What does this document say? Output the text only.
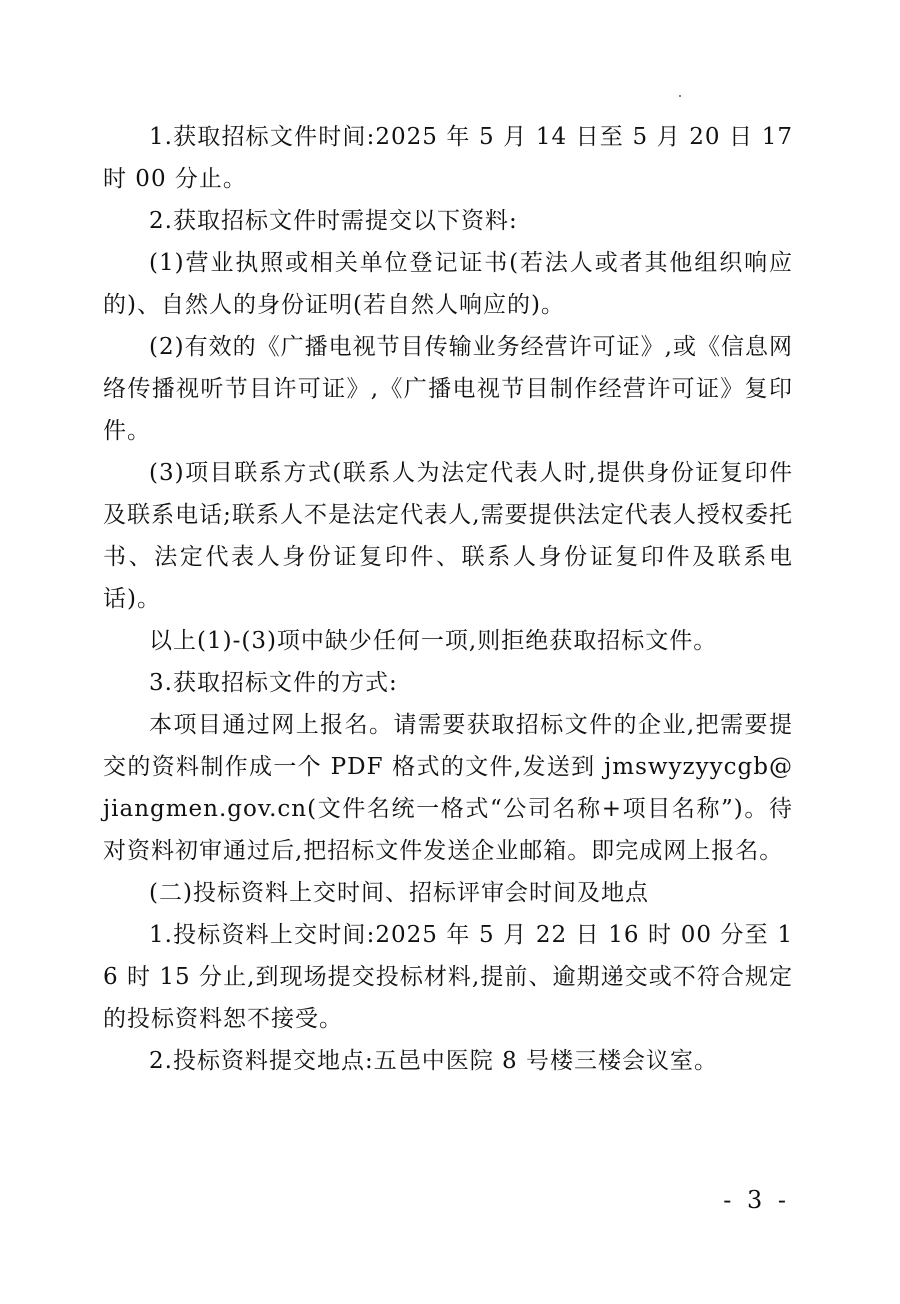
1.获取招标文件时间:2025 年 5 月 14 日至 5 月 20 日 17 时 00 分止。

2.获取招标文件时需提交以下资料:

(1)营业执照或相关单位登记证书(若法人或者其他组织响应的)、自然人的身份证明(若自然人响应的)。

(2)有效的《广播电视节目传输业务经营许可证》,或《信息网络传播视听节目许可证》,《广播电视节目制作经营许可证》复印件。

(3)项目联系方式(联系人为法定代表人时,提供身份证复印件及联系电话;联系人不是法定代表人,需要提供法定代表人授权委托书、法定代表人身份证复印件、联系人身份证复印件及联系电话)。

以上(1)-(3)项中缺少任何一项,则拒绝获取招标文件。

3.获取招标文件的方式:

本项目通过网上报名。请需要获取招标文件的企业,把需要提交的资料制作成一个 PDF 格式的文件,发送到 jmswyzyycgb@jiangmen.gov.cn(文件名统一格式“公司名称+项目名称”)。待对资料初审通过后,把招标文件发送企业邮箱。即完成网上报名。

(二)投标资料上交时间、招标评审会时间及地点

1.投标资料上交时间:2025 年 5 月 22 日 16 时 00 分至 16 时 15 分止,到现场提交投标材料,提前、逾期递交或不符合规定的投标资料恕不接受。

2.投标资料提交地点:五邑中医院 8 号楼三楼会议室。

- 3 -
